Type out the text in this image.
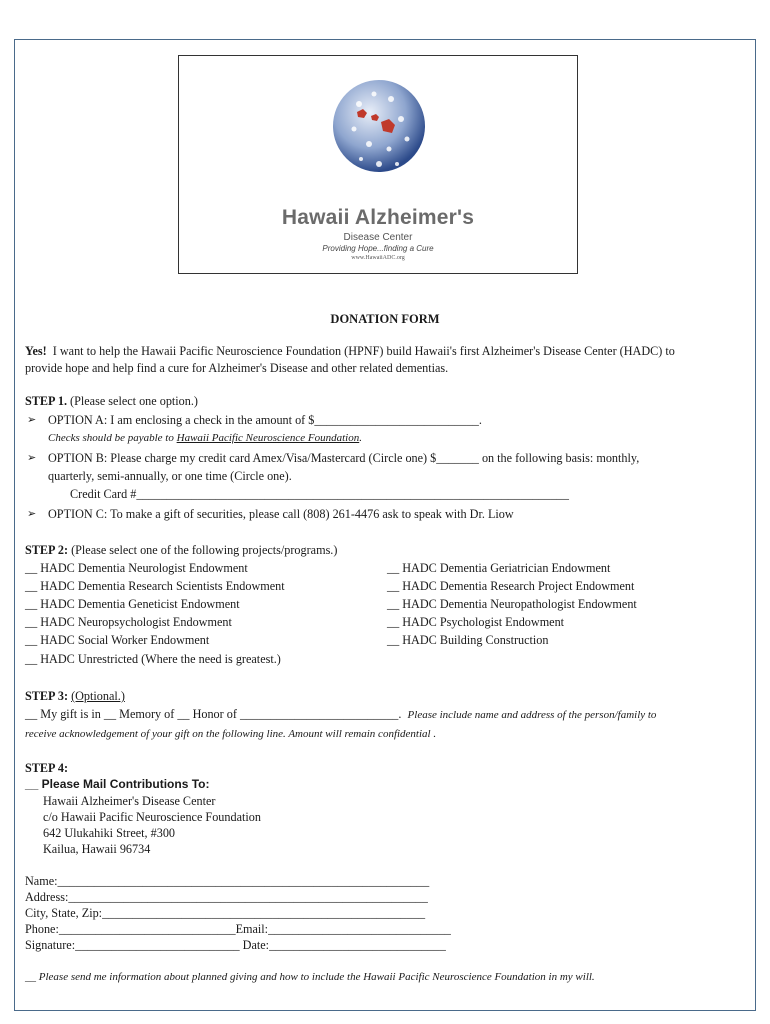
Hawaii Alzheimer's
Disease Center
Providing Hope...finding a Cure
www.HawaiiADC.org
DONATION FORM
Yes! I want to help the Hawaii Pacific Neuroscience Foundation (HPNF) build Hawaii's first Alzheimer's Disease Center (HADC) to
provide hope and help find a cure for Alzheimer's Disease and other related dementias.
STEP 1. (Please select one option.)
➢ OPTION A: I am enclosing a check in the amount of $___________________________.
Checks should be payable to Hawaii Pacific Neuroscience Foundation.
➢ OPTION B: Please charge my credit card Amex/Visa/Mastercard (Circle one) $_______ on the following basis: monthly,
quarterly, semi-annually, or one time (Circle one).
Credit Card #_______________________________________________________________________
➢ OPTION C: To make a gift of securities, please call (808) 261-4476 ask to speak with Dr. Liow
STEP 2: (Please select one of the following projects/programs.)
__ HADC Dementia Neurologist Endowment
__ HADC Dementia Research Scientists Endowment
__ HADC Dementia Geneticist Endowment
__ HADC Neuropsychologist Endowment
__ HADC Social Worker Endowment
__ HADC Unrestricted (Where the need is greatest.)
__ HADC Dementia Geriatrician Endowment
__ HADC Dementia Research Project Endowment
__ HADC Dementia Neuropathologist Endowment
__ HADC Psychologist Endowment
__ HADC Building Construction
STEP 3: (Optional.)
__ My gift is in __ Memory of __ Honor of __________________________. Please include name and address of the person/family to
receive acknowledgement of your gift on the following line. Amount will remain confidential .
STEP 4:
__ Please Mail Contributions To:
Hawaii Alzheimer's Disease Center
c/o Hawaii Pacific Neuroscience Foundation
642 Ulukahiki Street, #300
Kailua, Hawaii 96734
Name:_____________________________________________________________
Address:___________________________________________________________
City, State, Zip:_____________________________________________________
Phone:_____________________________Email:______________________________
Signature:___________________________ Date:_____________________________
__ Please send me information about planned giving and how to include the Hawaii Pacific Neuroscience Foundation in my will.
